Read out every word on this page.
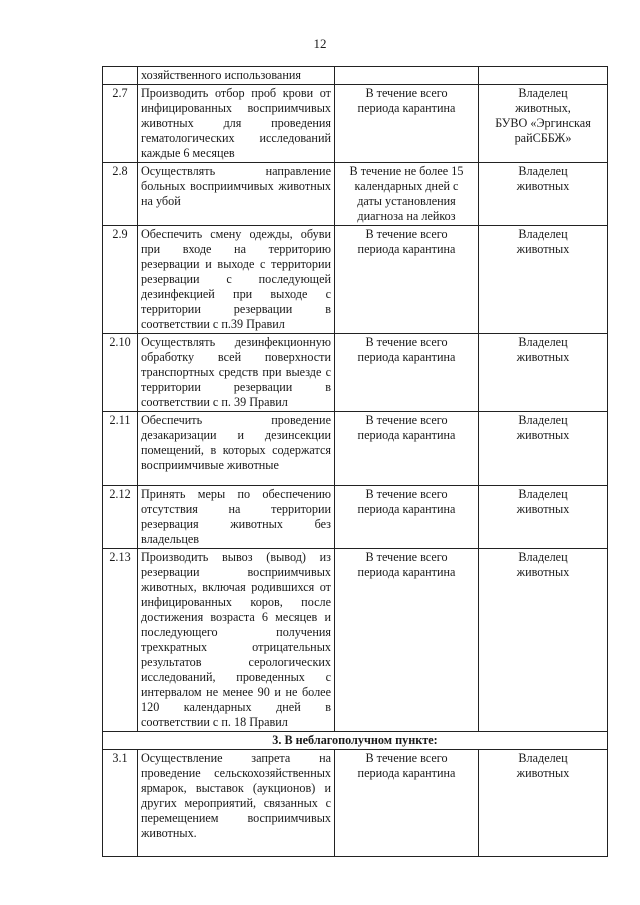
12
	хозяйственного использования		
2.7	Производить отбор проб крови от инфицированных восприимчивых животных для проведения гематологических исследований каждые 6 месяцев	В течение всего
периода карантина	Владелец
животных,
БУВО «Эргинская
райСББЖ»

2.8	Осуществлять направление больных восприимчивых животных на убой	В течение не более 15
календарных дней с
даты установления
диагноза на лейкоз	Владелец
животных

2.9	Обеспечить смену одежды, обуви при входе на территорию резервации и выходе с территории резервации с последующей дезинфекцией при выходе с территории резервации в соответствии с п.39 Правил	В течение всего
периода карантина	Владелец
животных

2.10	Осуществлять дезинфекционную обработку всей поверхности транспортных средств при выезде с территории резервации в соответствии с п. 39 Правил	В течение всего
периода карантина	Владелец
животных

2.11	Обеспечить проведение дезакаризации и дезинсекции помещений, в которых содержатся восприимчивые животные	В течение всего
периода карантина	Владелец
животных

2.12	Принять меры по обеспечению отсутствия на территории резервация животных без владельцев	В течение всего
периода карантина	Владелец
животных

2.13	Производить вывоз (вывод) из резервации восприимчивых животных, включая родившихся от инфицированных коров, после достижения возраста 6 месяцев и последующего получения трехкратных отрицательных результатов серологических исследований, проведенных с интервалом не менее 90 и не более 120 календарных дней в соответствии с п. 18 Правил	В течение всего
периода карантина	Владелец
животных

3. В неблагополучном пункте:			
3.1	Осуществление запрета на проведение сельскохозяйственных ярмарок, выставок (аукционов) и других мероприятий, связанных с перемещением восприимчивых животных.	В течение всего
периода карантина	Владелец
животных
